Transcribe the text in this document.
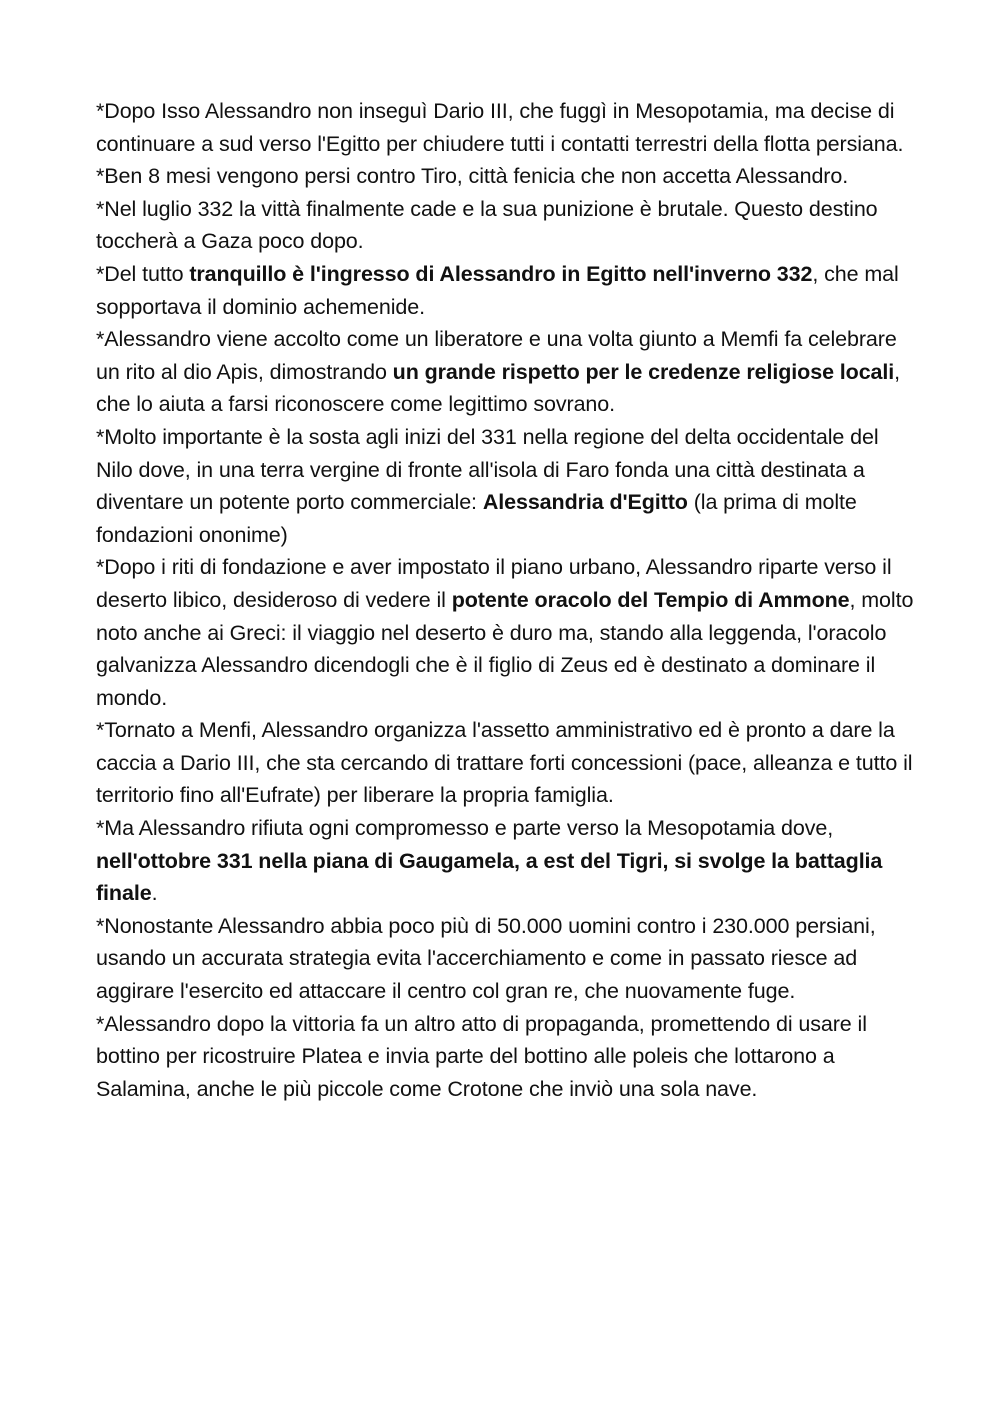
*Dopo Isso Alessandro non inseguì Dario III, che fuggì in Mesopotamia, ma decise di continuare a sud verso l'Egitto per chiudere tutti i contatti terrestri della flotta persiana.

*Ben 8 mesi vengono persi contro Tiro, città fenicia che non accetta Alessandro.

*Nel luglio 332 la vittà finalmente cade e la sua punizione è brutale. Questo destino toccherà a Gaza poco dopo.

*Del tutto tranquillo è l'ingresso di Alessandro in Egitto nell'inverno 332, che mal sopportava il dominio achemenide.

*Alessandro viene accolto come un liberatore e una volta giunto a Memfi fa celebrare un rito al dio Apis, dimostrando un grande rispetto per le credenze religiose locali, che lo aiuta a farsi riconoscere come legittimo sovrano.

*Molto importante è la sosta agli inizi del 331 nella regione del delta occidentale del Nilo dove, in una terra vergine di fronte all'isola di Faro fonda una città destinata a diventare un potente porto commerciale: Alessandria d'Egitto (la prima di molte fondazioni ononime)

*Dopo i riti di fondazione e aver impostato il piano urbano, Alessandro riparte verso il deserto libico, desideroso di vedere il potente oracolo del Tempio di Ammone, molto noto anche ai Greci: il viaggio nel deserto è duro ma, stando alla leggenda, l'oracolo galvanizza Alessandro dicendogli che è il figlio di Zeus ed è destinato a dominare il mondo.

*Tornato a Menfi, Alessandro organizza l'assetto amministrativo ed è pronto a dare la caccia a Dario III, che sta cercando di trattare forti concessioni (pace, alleanza e tutto il territorio fino all'Eufrate) per liberare la propria famiglia.

*Ma Alessandro rifiuta ogni compromesso e parte verso la Mesopotamia dove, nell'ottobre 331 nella piana di Gaugamela, a est del Tigri, si svolge la battaglia finale.

*Nonostante Alessandro abbia poco più di 50.000 uomini contro i 230.000 persiani, usando un accurata strategia evita l'accerchiamento e come in passato riesce ad aggirare l'esercito ed attaccare il centro col gran re, che nuovamente fuge.

*Alessandro dopo la vittoria fa un altro atto di propaganda, promettendo di usare il bottino per ricostruire Platea e invia parte del bottino alle poleis che lottarono a Salamina, anche le più piccole come Crotone che inviò una sola nave.
